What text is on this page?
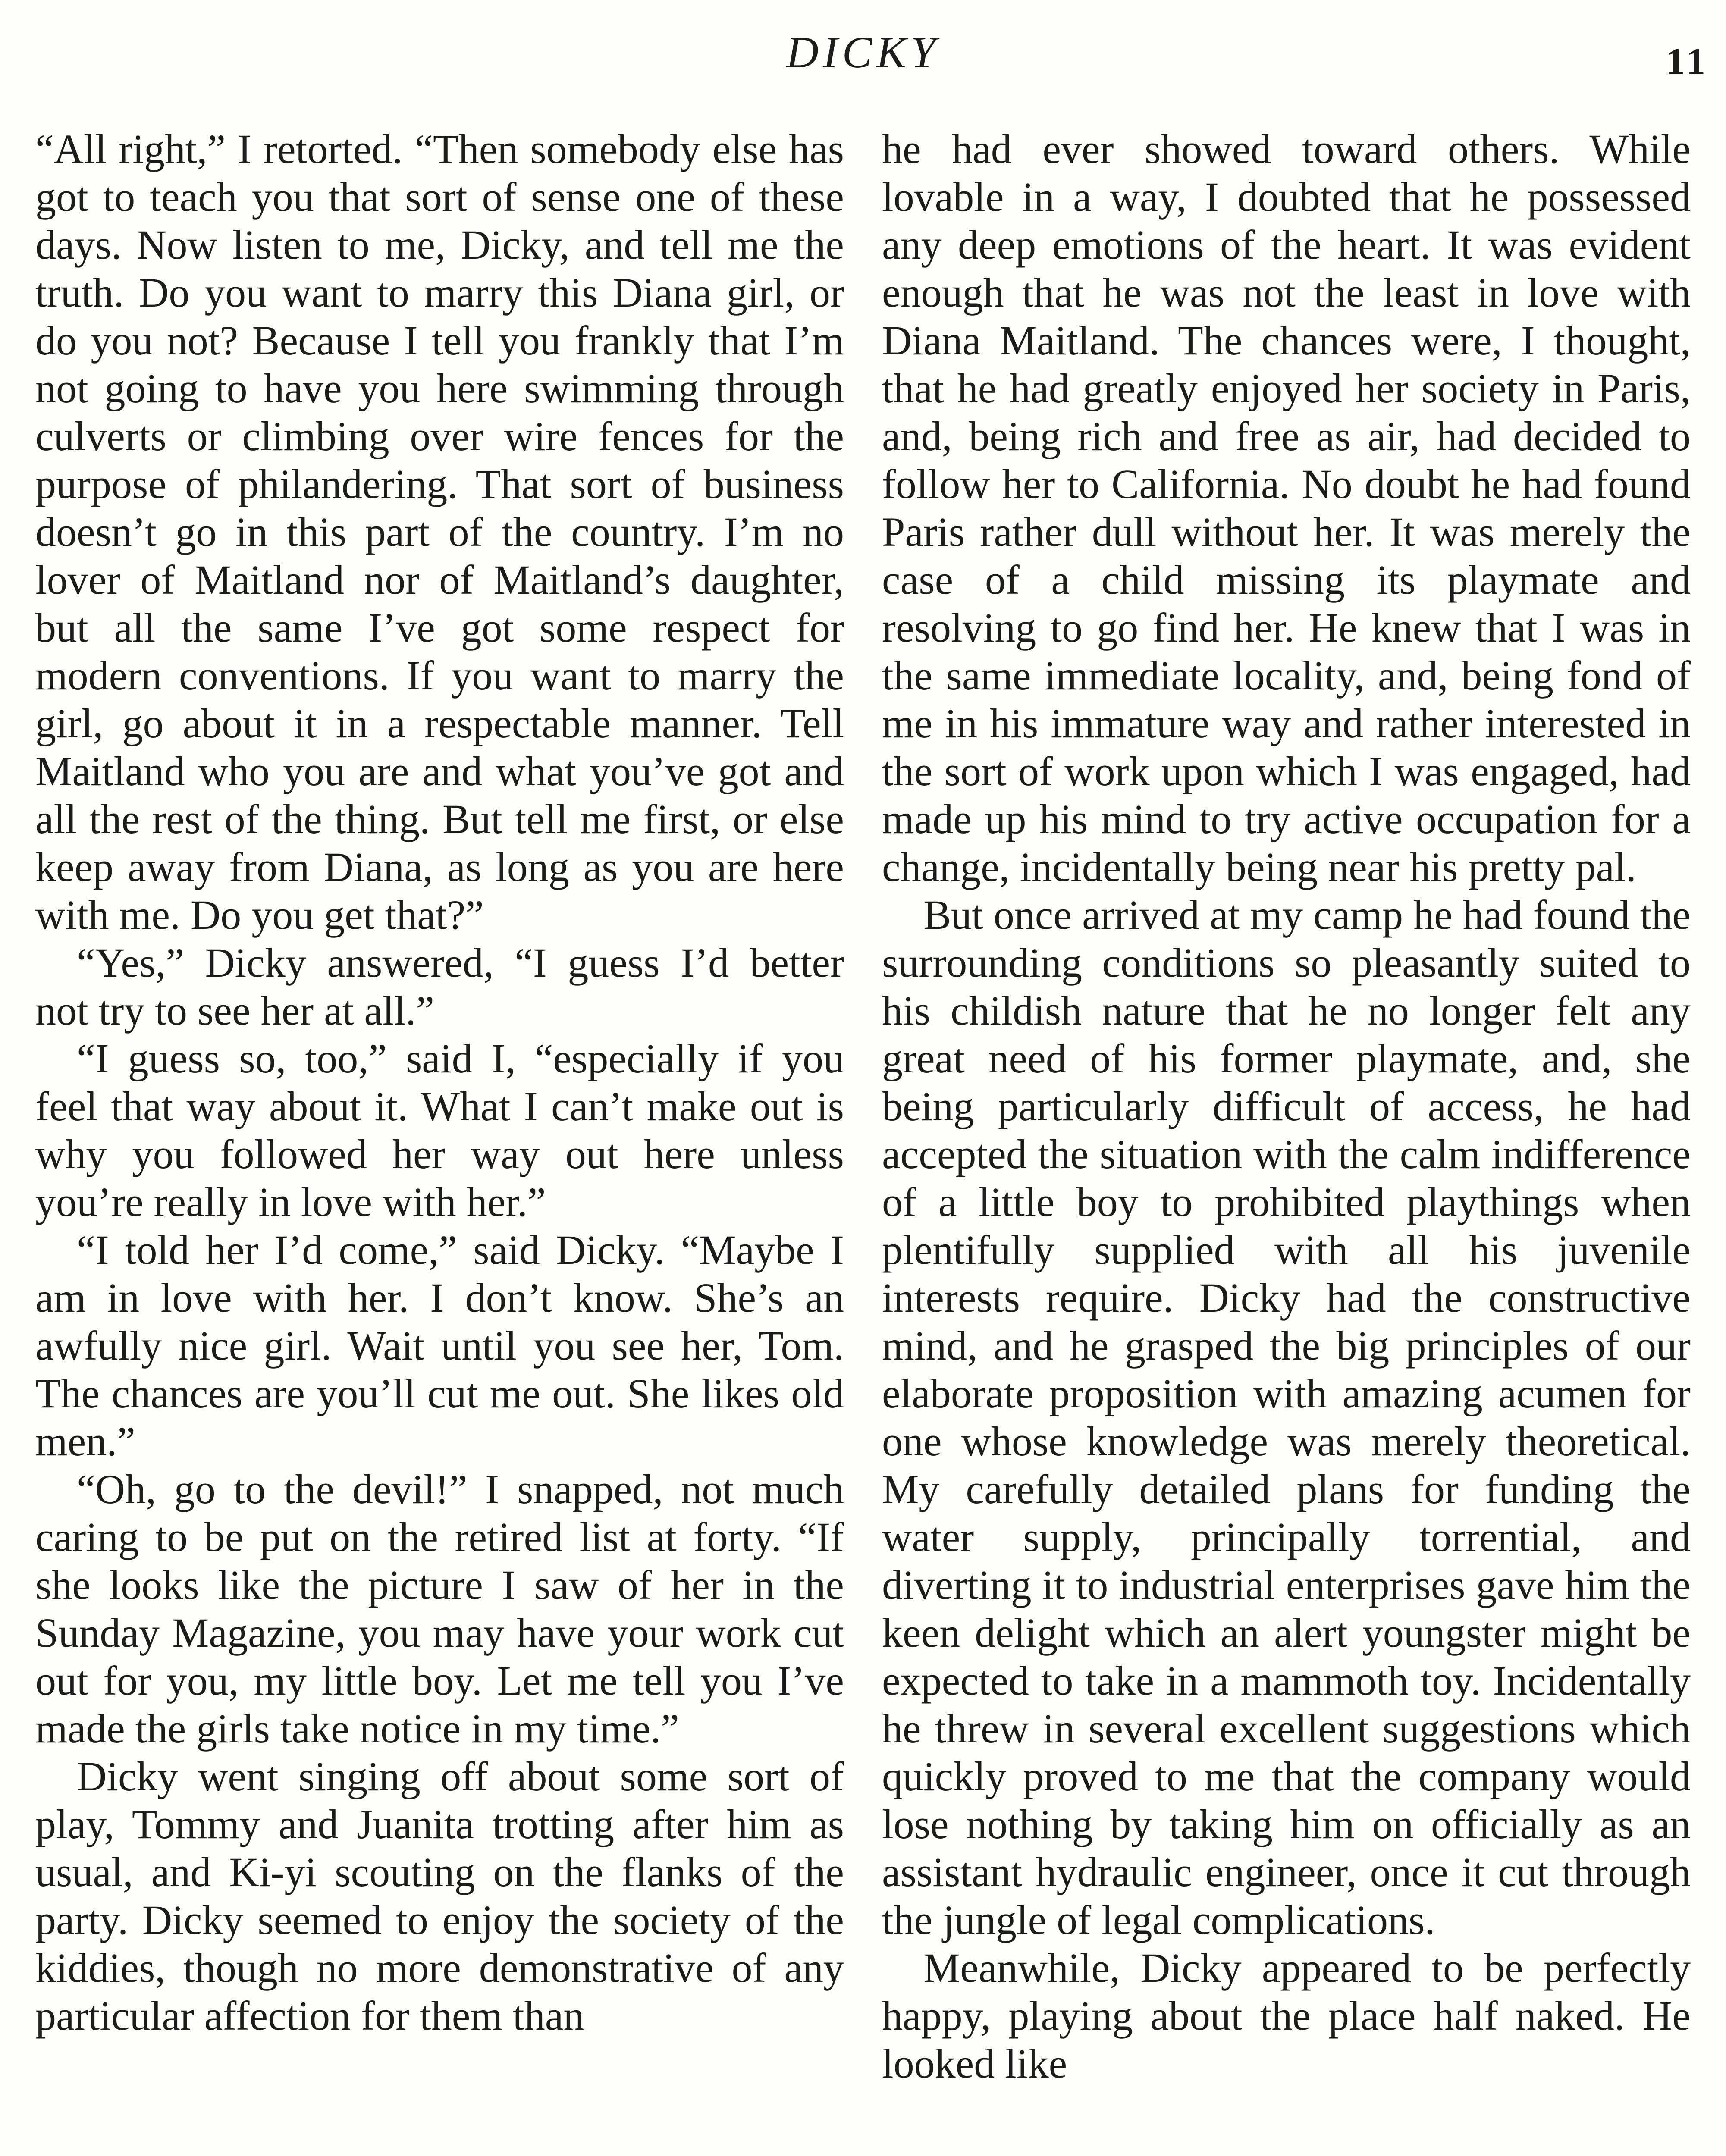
DICKY	11

“All right,” I retorted. “Then somebody else has got to teach you that sort of sense one of these days. Now listen to me, Dicky, and tell me the truth. Do you want to marry this Diana girl, or do you not? Because I tell you frankly that I’m not going to have you here swimming through culverts or climbing over wire fences for the purpose of philandering. That sort of business doesn’t go in this part of the country. I’m no lover of Maitland nor of Maitland’s daughter, but all the same I’ve got some respect for modern conventions. If you want to marry the girl, go about it in a respectable manner. Tell Maitland who you are and what you’ve got and all the rest of the thing. But tell me first, or else keep away from Diana, as long as you are here with me. Do you get that?”

“Yes,” Dicky answered, “I guess I’d better not try to see her at all.”

“I guess so, too,” said I, “especially if you feel that way about it. What I can’t make out is why you followed her way out here unless you’re really in love with her.”

“I told her I’d come,” said Dicky. “Maybe I am in love with her. I don’t know. She’s an awfully nice girl. Wait until you see her, Tom. The chances are you’ll cut me out. She likes old men.”

“Oh, go to the devil!” I snapped, not much caring to be put on the retired list at forty. “If she looks like the picture I saw of her in the Sunday Magazine, you may have your work cut out for you, my little boy. Let me tell you I’ve made the girls take notice in my time.”

Dicky went singing off about some sort of play, Tommy and Juanita trotting after him as usual, and Ki-yi scouting on the flanks of the party. Dicky seemed to enjoy the society of the kiddies, though no more demonstrative of any particular affection for them than

he had ever showed toward others. While lovable in a way, I doubted that he possessed any deep emotions of the heart. It was evident enough that he was not the least in love with Diana Maitland. The chances were, I thought, that he had greatly enjoyed her society in Paris, and, being rich and free as air, had decided to follow her to California. No doubt he had found Paris rather dull without her. It was merely the case of a child missing its playmate and resolving to go find her. He knew that I was in the same immediate locality, and, being fond of me in his immature way and rather interested in the sort of work upon which I was engaged, had made up his mind to try active occupation for a change, incidentally being near his pretty pal.

But once arrived at my camp he had found the surrounding conditions so pleasantly suited to his childish nature that he no longer felt any great need of his former playmate, and, she being particularly difficult of access, he had accepted the situation with the calm indifference of a little boy to prohibited playthings when plentifully supplied with all his juvenile interests require. Dicky had the constructive mind, and he grasped the big principles of our elaborate proposition with amazing acumen for one whose knowledge was merely theoretical. My carefully detailed plans for funding the water supply, principally torrential, and diverting it to industrial enterprises gave him the keen delight which an alert youngster might be expected to take in a mammoth toy. Incidentally he threw in several excellent suggestions which quickly proved to me that the company would lose nothing by taking him on officially as an assistant hydraulic engineer, once it cut through the jungle of legal complications.

Meanwhile, Dicky appeared to be perfectly happy, playing about the place half naked. He looked like
